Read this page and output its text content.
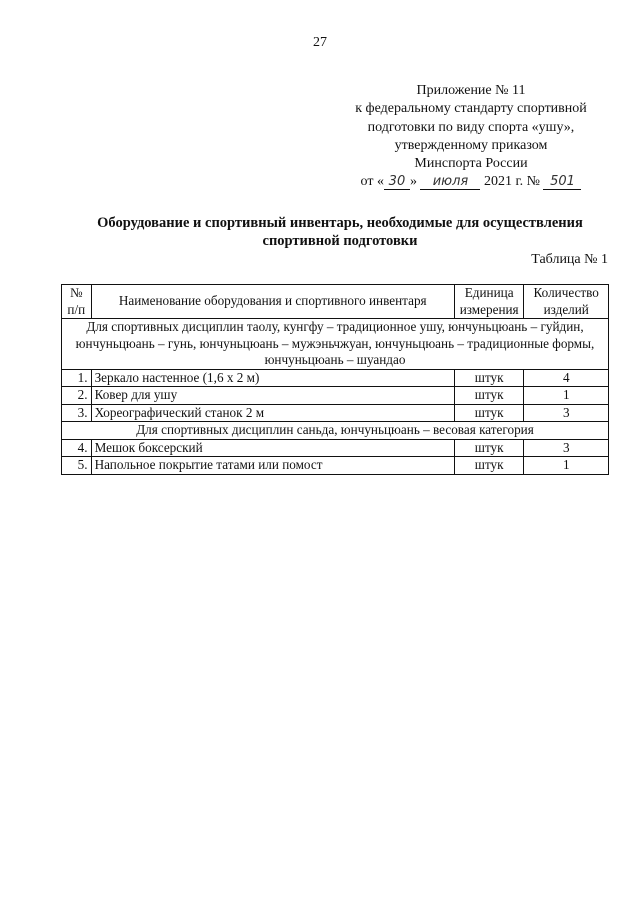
27
Приложение № 11
к федеральному стандарту спортивной
подготовки по виду спорта «ушу»,
утвержденному приказом
Минспорта России
от « 30 » июля 2021 г. № 501
Оборудование и спортивный инвентарь, необходимые для осуществления
спортивной подготовки
Таблица № 1
№ п/п	Наименование оборудования и спортивного инвентаря	Единица измерения	Количество изделий
Для спортивных дисциплин таолу, кунгфу – традиционное ушу, юнчуньцюань – гуйдин, юнчуньцюань – гунь, юнчуньцюань – мужэньчжуан, юнчуньцюань – традиционные формы, юнчуньцюань – шуандао			
1.	Зеркало настенное (1,6 х 2 м)	штук	4
2.	Ковер для ушу	штук	1
3.	Хореографический станок 2 м	штук	3
Для спортивных дисциплин саньда, юнчуньцюань – весовая категория			
4.	Мешок боксерский	штук	3
5.	Напольное покрытие татами или помост	штук	1
